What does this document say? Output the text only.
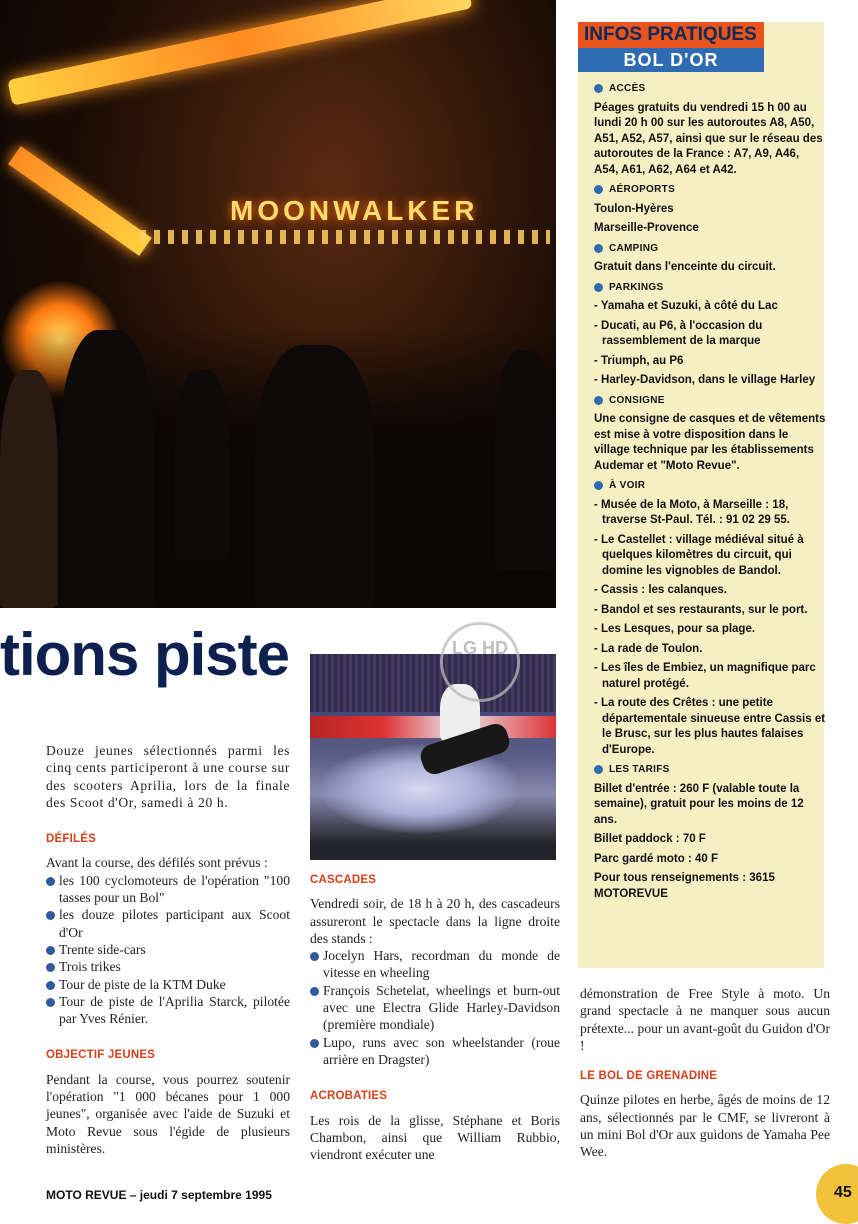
MOONWALKER
INFOS PRATIQUES
BOL D'OR
ACCÈS
Péages gratuits du vendredi 15 h 00 au lundi 20 h 00 sur les autoroutes A8, A50, A51, A52, A57, ainsi que sur le réseau des autoroutes de la France : A7, A9, A46, A54, A61, A62, A64 et A42.
AÉROPORTS
Toulon-Hyères
Marseille-Provence
CAMPING
Gratuit dans l'enceinte du circuit.
PARKINGS
- Yamaha et Suzuki, à côté du Lac
- Ducati, au P6, à l'occasion du rassemblement de la marque
- Triumph, au P6
- Harley-Davidson, dans le village Harley
CONSIGNE
Une consigne de casques et de vêtements est mise à votre disposition dans le village technique par les établissements Audemar et "Moto Revue".
À VOIR
- Musée de la Moto, à Marseille : 18, traverse St-Paul. Tél. : 91 02 29 55.
- Le Castellet : village médiéval situé à quelques kilomètres du circuit, qui domine les vignobles de Bandol.
- Cassis : les calanques.
- Bandol et ses restaurants, sur le port.
- Les Lesques, pour sa plage.
- La rade de Toulon.
- Les îles de Embiez, un magnifique parc naturel protégé.
- La route des Crêtes : une petite départementale sinueuse entre Cassis et le Brusc, sur les plus hautes falaises d'Europe.
LES TARIFS
Billet d'entrée : 260 F (valable toute la semaine), gratuit pour les moins de 12 ans.
Billet paddock : 70 F
Parc gardé moto : 40 F
Pour tous renseignements : 3615 MOTOREVUE
tions piste	LG HD
Douze jeunes sélectionnés parmi les cinq cents participeront à une course sur des scooters Aprilia, lors de la finale des Scoot d'Or, samedi à 20 h.
DÉFILÉS
Avant la course, des défilés sont prévus :
les 100 cyclomoteurs de l'opération "100 tasses pour un Bol"
les douze pilotes participant aux Scoot d'Or
Trente side-cars
Trois trikes
Tour de piste de la KTM Duke
Tour de piste de l'Aprilia Starck, pilotée par Yves Rénier.
OBJECTIF JEUNES
Pendant la course, vous pourrez soutenir l'opération "1 000 bécanes pour 1 000 jeunes", organisée avec l'aide de Suzuki et Moto Revue sous l'égide de plusieurs ministères.
CASCADES
Vendredi soir, de 18 h à 20 h, des cascadeurs assureront le spectacle dans la ligne droite des stands :
Jocelyn Hars, recordman du monde de vitesse en wheeling
François Schetelat, wheelings et burn-out avec une Electra Glide Harley-Davidson (première mondiale)
Lupo, runs avec son wheelstander (roue arrière en Dragster)
ACROBATIES
Les rois de la glisse, Stéphane et Boris Chambon, ainsi que William Rubbio, viendront exécuter une
démonstration de Free Style à moto. Un grand spectacle à ne manquer sous aucun prétexte... pour un avant-goût du Guidon d'Or !
LE BOL DE GRENADINE
Quinze pilotes en herbe, âgés de moins de 12 ans, sélectionnés par le CMF, se livreront à un mini Bol d'Or aux guidons de Yamaha Pee Wee.
MOTO REVUE – jeudi 7 septembre 1995	45
